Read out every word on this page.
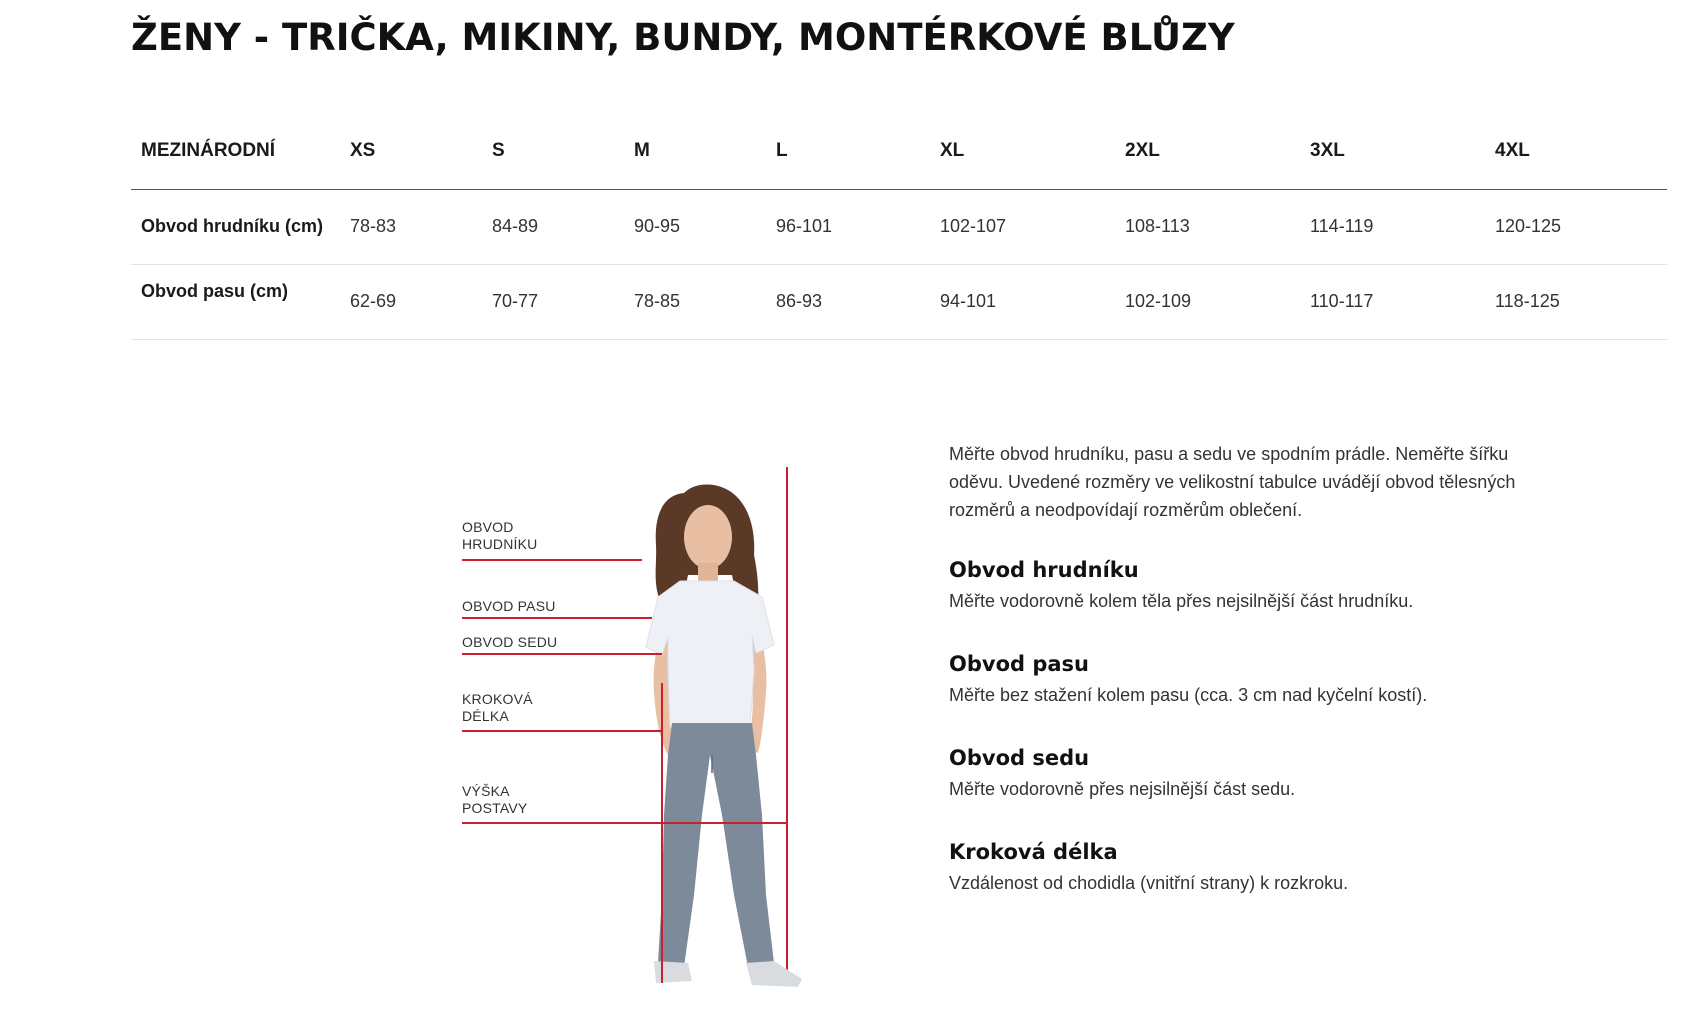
ŽENY - TRIČKA, MIKINY, BUNDY, MONTÉRKOVÉ BLŮZY
MEZINÁRODNÍ	XS	S	M	L	XL	2XL	3XL	4XL
Obvod hrudníku (cm)	78-83	84-89	90-95	96-101	102-107	108-113	114-119	120-125
Obvod pasu (cm)	62-69	70-77	78-85	86-93	94-101	102-109	110-117	118-125
OBVOD
HRUDNÍKU
OBVOD PASU
OBVOD SEDU
KROKOVÁ
DÉLKA
VÝŠKA
POSTAVY

Měřte obvod hrudníku, pasu a sedu ve spodním prádle. Neměřte šířku oděvu. Uvedené rozměry ve velikostní tabulce uvádějí obvod tělesných rozměrů a neodpovídají rozměrům oblečení.

Obvod hrudníku

Měřte vodorovně kolem těla přes nejsilnější část hrudníku.

Obvod pasu

Měřte bez stažení kolem pasu (cca. 3 cm nad kyčelní kostí).

Obvod sedu

Měřte vodorovně přes nejsilnější část sedu.

Kroková délka

Vzdálenost od chodidla (vnitřní strany) k rozkroku.
